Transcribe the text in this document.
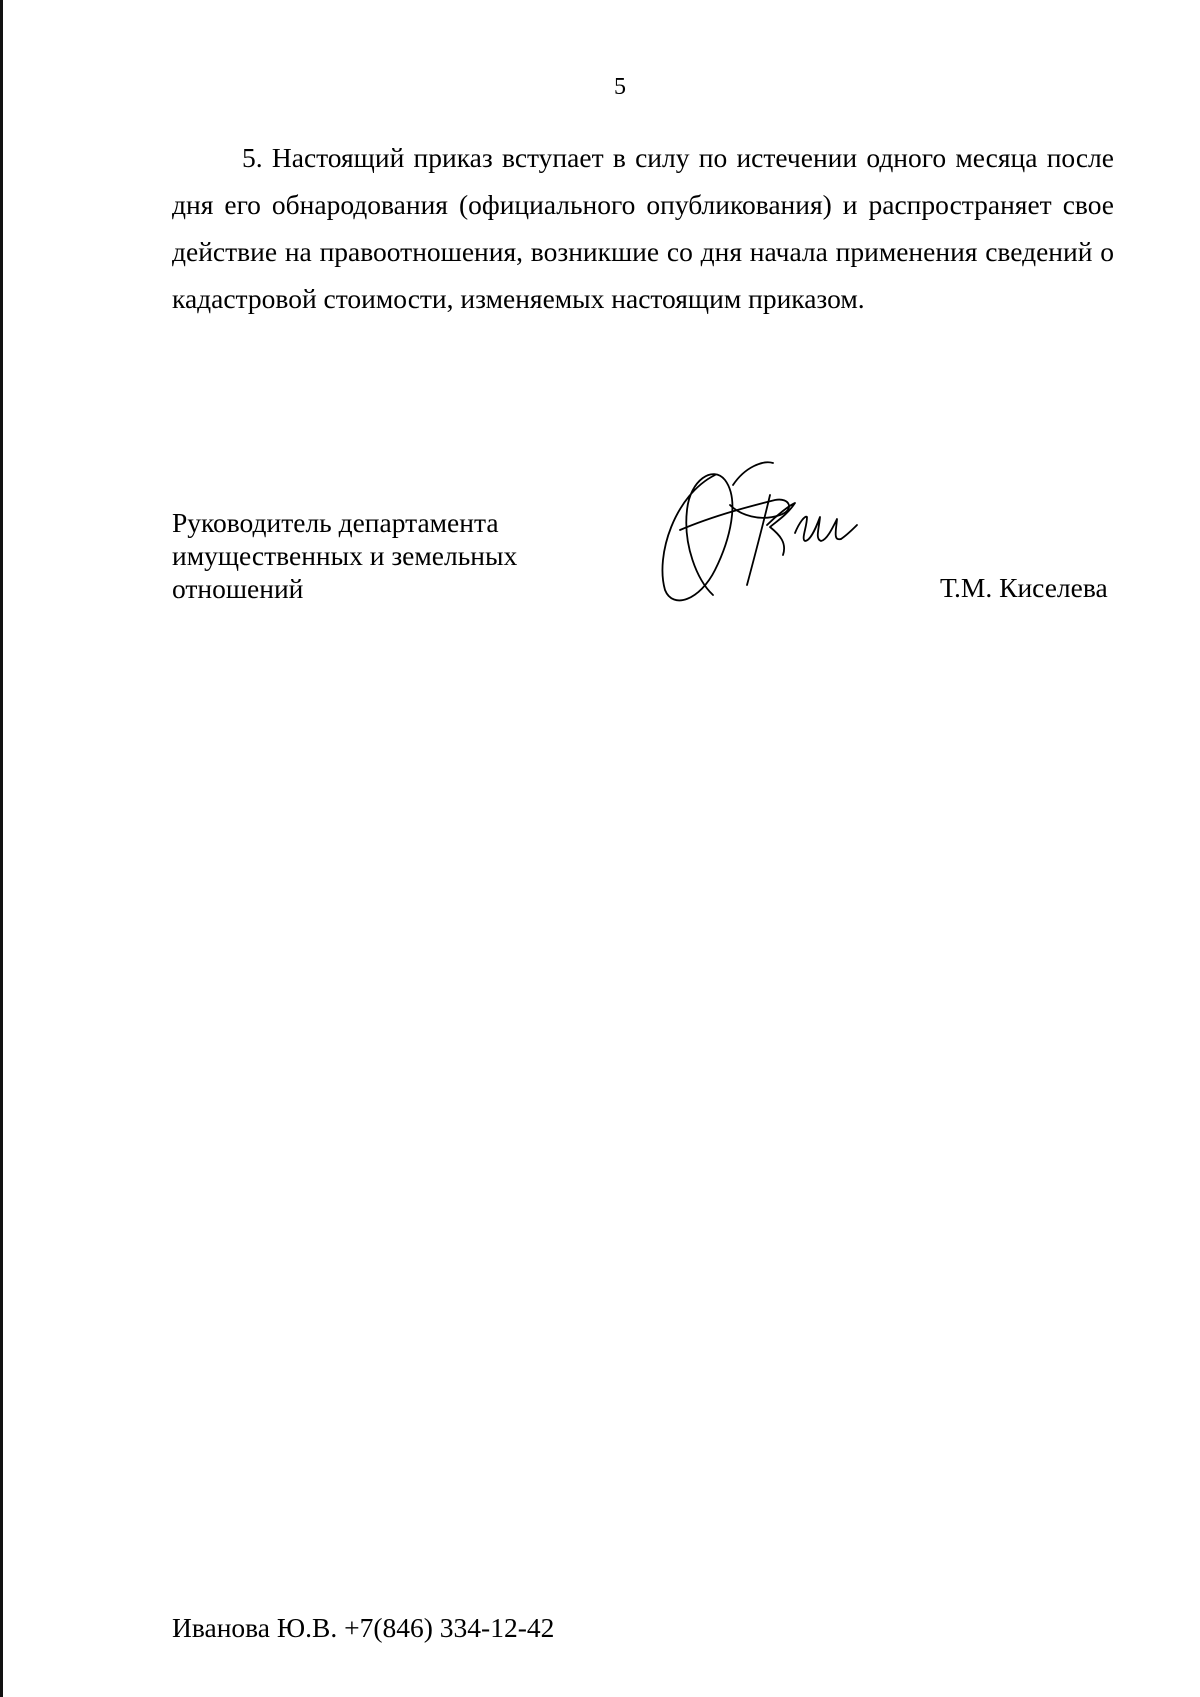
5

5. Настоящий приказ вступает в силу по истечении одного месяца после дня его обнародования (официального опубликования) и распространяет свое действие на правоотношения, возникшие со дня начала применения сведений о кадастровой стоимости, изменяемых настоящим приказом.

Руководитель департамента
имущественных и земельных
отношений	Т.М. Киселева
Иванова Ю.В. +7(846) 334-12-42
